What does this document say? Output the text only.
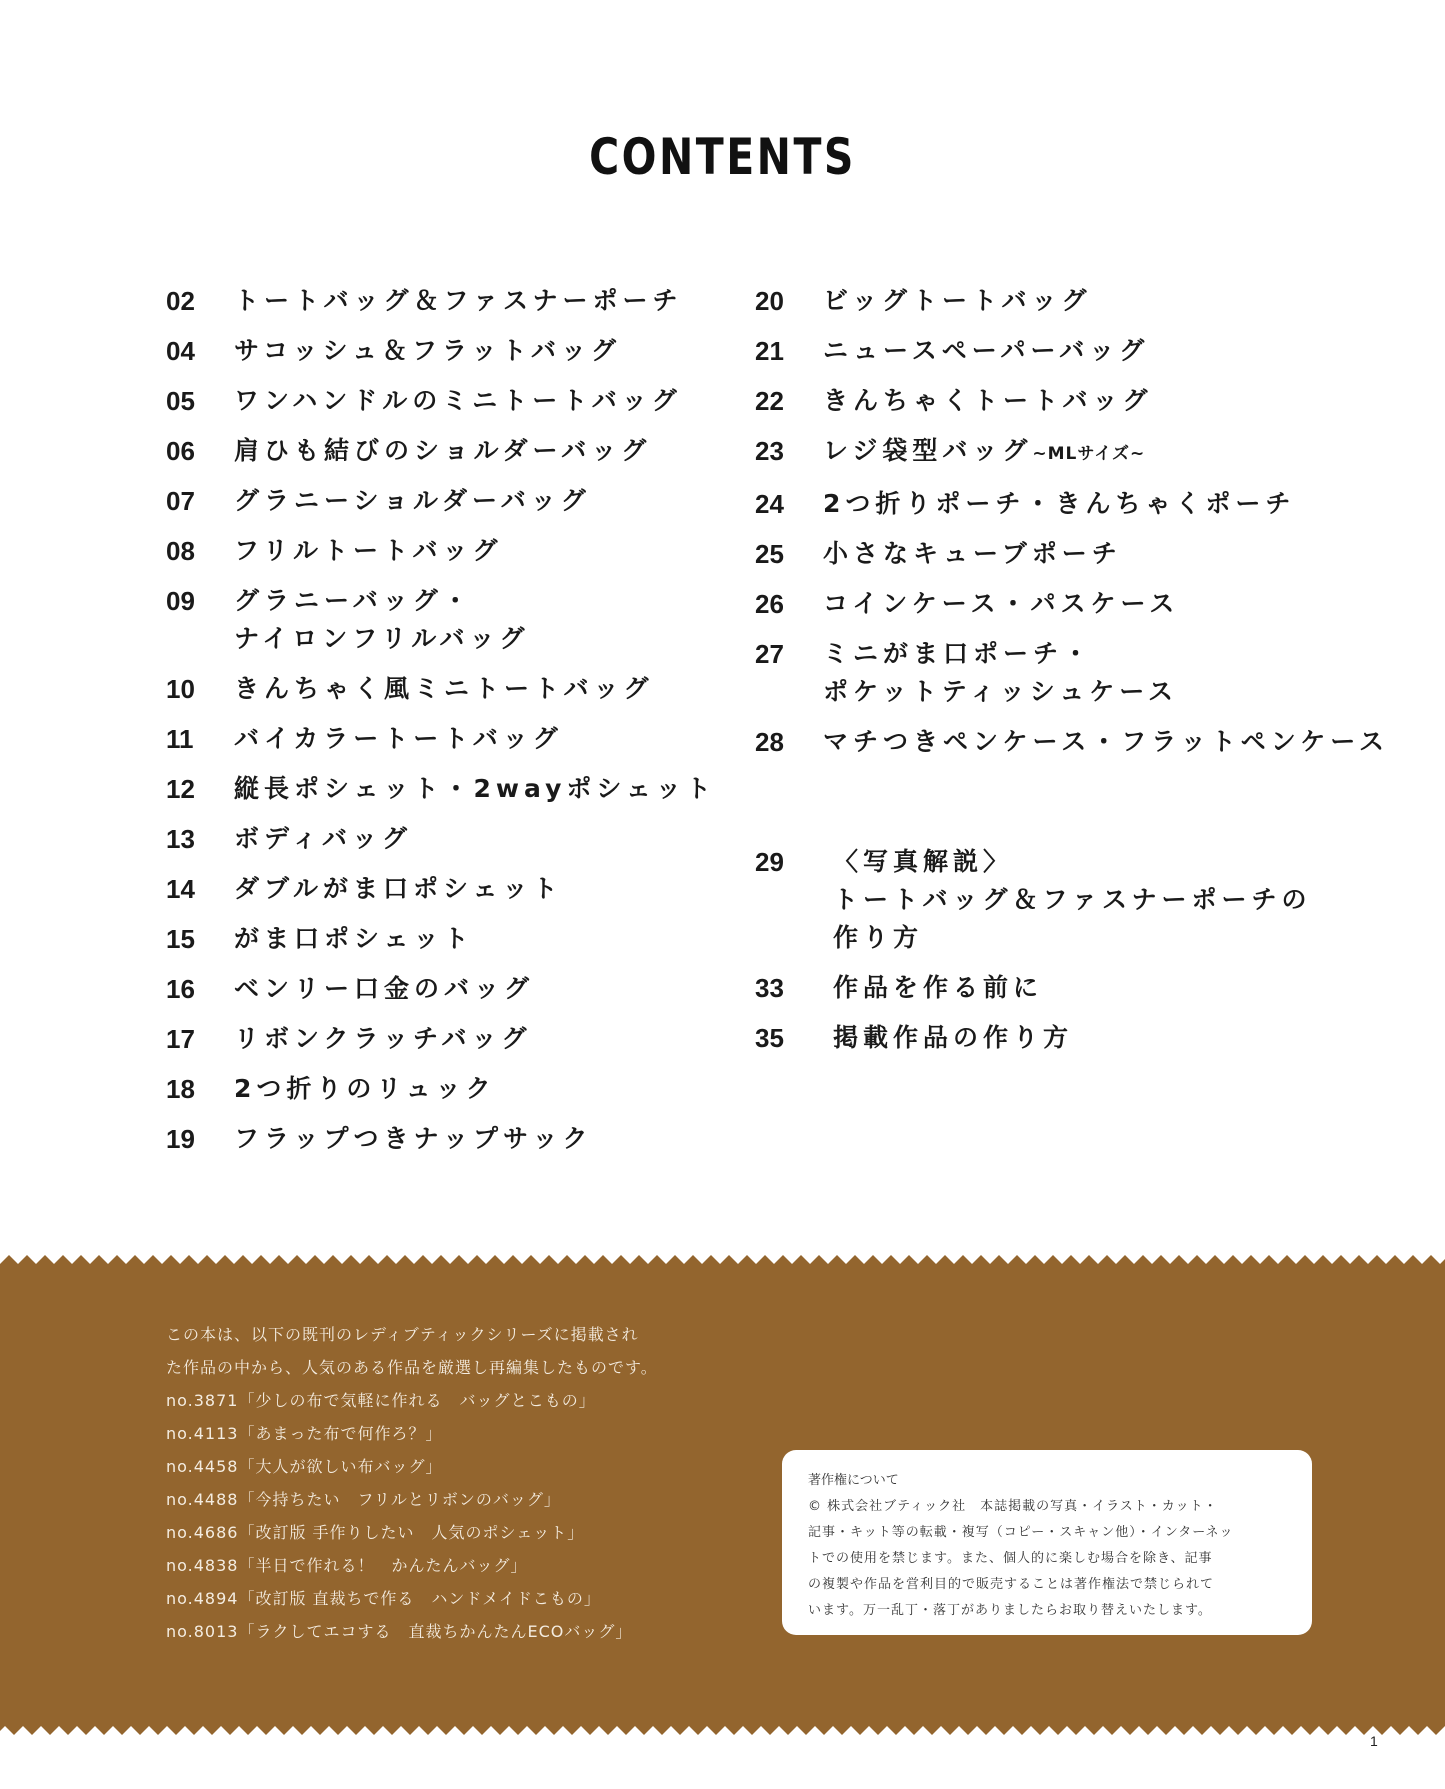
CONTENTS
02	トートバッグ＆ファスナーポーチ
04	サコッシュ＆フラットバッグ
05	ワンハンドルのミニトートバッグ
06	肩ひも結びのショルダーバッグ
07	グラニーショルダーバッグ
08	フリルトートバッグ
09	グラニーバッグ・
ナイロンフリルバッグ
10	きんちゃく風ミニトートバッグ
11	バイカラートートバッグ
12	縦長ポシェット・2wayポシェット
13	ボディバッグ
14	ダブルがま口ポシェット
15	がま口ポシェット
16	ベンリー口金のバッグ
17	リボンクラッチバッグ
18	2つ折りのリュック
19	フラップつきナップサック
20	ビッグトートバッグ
21	ニュースペーパーバッグ
22	きんちゃくトートバッグ
23	レジ袋型バッグ~MLサイズ~
24	2つ折りポーチ・きんちゃくポーチ
25	小さなキューブポーチ
26	コインケース・パスケース
27	ミニがま口ポーチ・
ポケットティッシュケース
28	マチつきペンケース・フラットペンケース
29	〈写真解説〉
トートバッグ＆ファスナーポーチの
作り方
33	作品を作る前に
35	掲載作品の作り方
この本は、以下の既刊のレディブティックシリーズに掲載され
た作品の中から、人気のある作品を厳選し再編集したものです。
no.3871「少しの布で気軽に作れる　バッグとこもの」
no.4113「あまった布で何作ろ？」
no.4458「大人が欲しい布バッグ」
no.4488「今持ちたい　フリルとリボンのバッグ」
no.4686「改訂版 手作りしたい　人気のポシェット」
no.4838「半日で作れる！　かんたんバッグ」
no.4894「改訂版 直裁ちで作る　ハンドメイドこもの」
no.8013「ラクしてエコする　直裁ちかんたんECOバッグ」
著作権について
© 株式会社ブティック社　本誌掲載の写真・イラスト・カット・
記事・キット等の転載・複写（コピー・スキャン他）・インターネッ
トでの使用を禁じます。また、個人的に楽しむ場合を除き、記事
の複製や作品を営利目的で販売することは著作権法で禁じられて
います。万一乱丁・落丁がありましたらお取り替えいたします。
1
